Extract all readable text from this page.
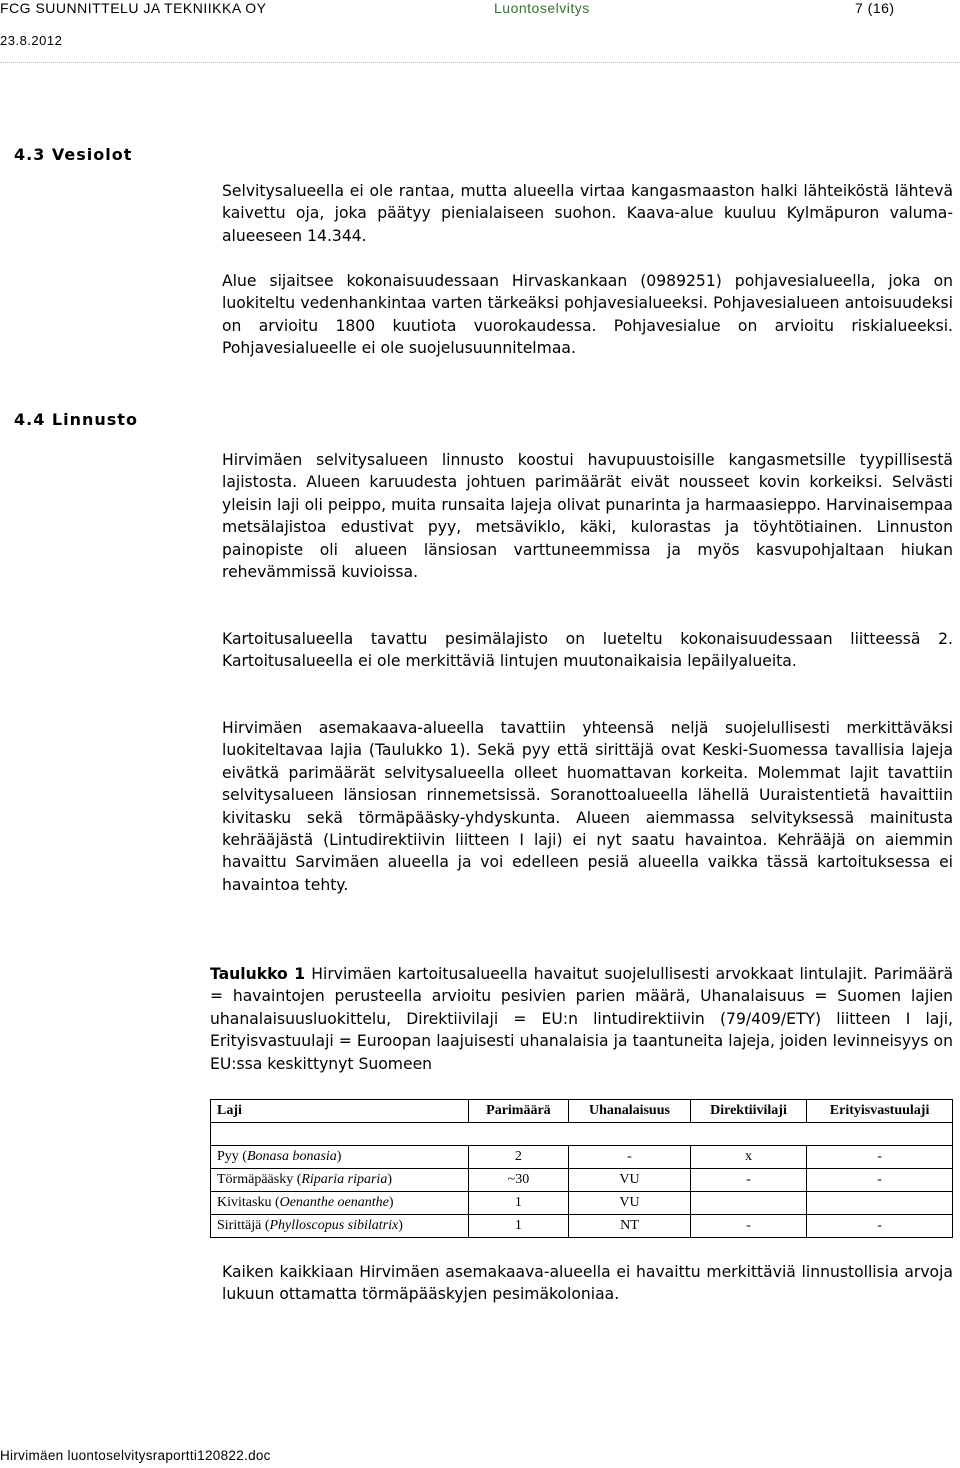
FCG SUUNNITTELU JA TEKNIIKKA OY	Luontoselvitys	7 (16)
23.8.2012
4.3 Vesiolot

Selvitysalueella ei ole rantaa, mutta alueella virtaa kangasmaaston halki lähteiköstä lähtevä kaivettu oja, joka päätyy pienialaiseen suohon. Kaava-alue kuuluu Kylmäpuron valuma-alueeseen 14.344.

Alue sijaitsee kokonaisuudessaan Hirvaskankaan (0989251) pohjavesialueella, joka on luokiteltu vedenhankintaa varten tärkeäksi pohjavesialueeksi. Pohjavesialueen antoisuudeksi on arvioitu 1800 kuutiota vuorokaudessa. Pohjavesialue on arvioitu riskialueeksi. Pohjavesialueelle ei ole suojelusuunnitelmaa.

4.4 Linnusto

Hirvimäen selvitysalueen linnusto koostui havupuustoisille kangasmetsille tyypillisestä lajistosta. Alueen karuudesta johtuen parimäärät eivät nousseet kovin korkeiksi. Selvästi yleisin laji oli peippo, muita runsaita lajeja olivat punarinta ja harmaasieppo. Harvinaisempaa metsälajistoa edustivat pyy, metsäviklo, käki, kulorastas ja töyhtötiainen. Linnuston painopiste oli alueen länsiosan varttuneemmissa ja myös kasvupohjaltaan hiukan rehevämmissä kuvioissa.

Kartoitusalueella tavattu pesimälajisto on lueteltu kokonaisuudessaan liitteessä 2. Kartoitusalueella ei ole merkittäviä lintujen muutonaikaisia lepäilyalueita.

Hirvimäen asemakaava-alueella tavattiin yhteensä neljä suojelullisesti merkittäväksi luokiteltavaa lajia (Taulukko 1). Sekä pyy että sirittäjä ovat Keski-Suomessa tavallisia lajeja eivätkä parimäärät selvitysalueella olleet huomattavan korkeita. Molemmat lajit tavattiin selvitysalueen länsiosan rinnemetsissä. Soranottoalueella lähellä Uuraistentietä havaittiin kivitasku sekä törmäpääsky-yhdyskunta. Alueen aiemmassa selvityksessä mainitusta kehrääjästä (Lintudirektiivin liitteen I laji) ei nyt saatu havaintoa. Kehrääjä on aiemmin havaittu Sarvimäen alueella ja voi edelleen pesiä alueella vaikka tässä kartoituksessa ei havaintoa tehty.

Taulukko 1 Hirvimäen kartoitusalueella havaitut suojelullisesti arvokkaat lintulajit. Parimäärä = havaintojen perusteella arvioitu pesivien parien määrä, Uhanalaisuus = Suomen lajien uhanalaisuusluokittelu, Direktiivilaji = EU:n lintudirektiivin (79/409/ETY) liitteen I laji, Erityisvastuulaji = Euroopan laajuisesti uhanalaisia ja taantuneita lajeja, joiden levinneisyys on EU:ssa keskittynyt Suomeen

Laji	Parimäärä	Uhanalaisuus	Direktiivilaji	Erityisvastuulaji

Pyy (Bonasa bonasia)	2	-	x	-
Törmäpääsky (Riparia riparia)	~30	VU	-	-
Kivitasku (Oenanthe oenanthe)	1	VU		
Sirittäjä (Phylloscopus sibilatrix)	1	NT	-	-

Kaiken kaikkiaan Hirvimäen asemakaava-alueella ei havaittu merkittäviä linnustollisia arvoja lukuun ottamatta törmäpääskyjen pesimäkoloniaa.

Hirvimäen luontoselvitysraportti120822.doc
